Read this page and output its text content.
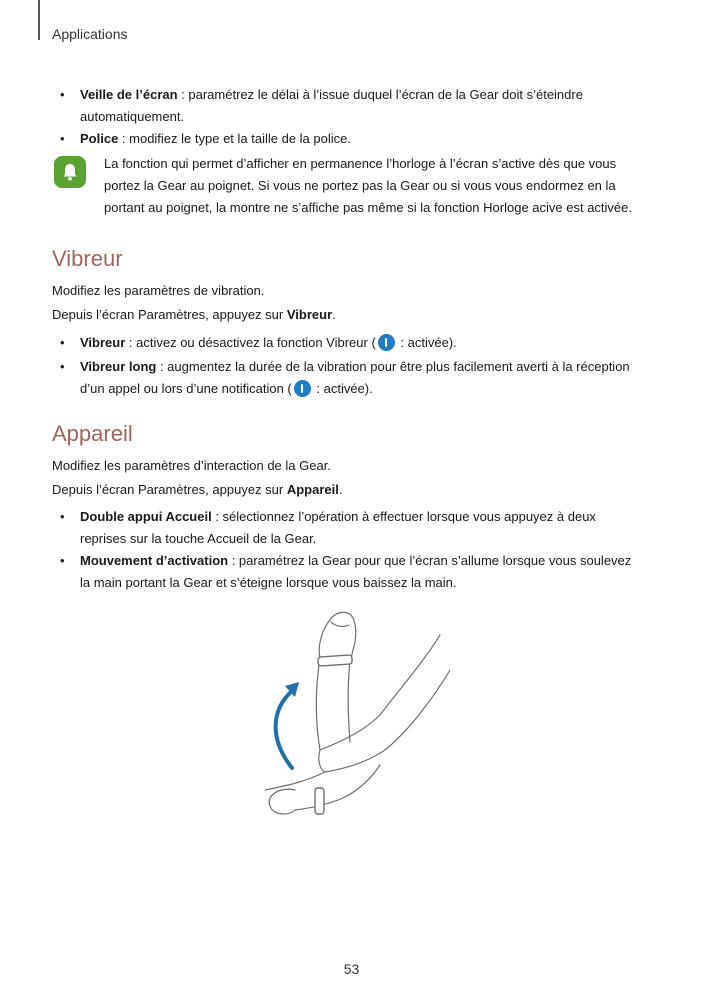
Applications
•	Veille de l’écran : paramétrez le délai à l’issue duquel l’écran de la Gear doit s’éteindre
automatiquement.
•	Police : modifiez le type et la taille de la police.
La fonction qui permet d’afficher en permanence l’horloge à l’écran s’active dès que vous
portez la Gear au poignet. Si vous ne portez pas la Gear ou si vous vous endormez en la
portant au poignet, la montre ne s’affiche pas même si la fonction Horloge acive est activée.
Vibreur
Modifiez les paramètres de vibration.
Depuis l’écran Paramètres, appuyez sur Vibreur.
•	Vibreur : activez ou désactivez la fonction Vibreur ( : activée).
•	Vibreur long : augmentez la durée de la vibration pour être plus facilement averti à la réception
d’un appel ou lors d’une notification ( : activée).
Appareil
Modifiez les paramètres d’interaction de la Gear.
Depuis l’écran Paramètres, appuyez sur Appareil.
•	Double appui Accueil : sélectionnez l’opération à effectuer lorsque vous appuyez à deux
reprises sur la touche Accueil de la Gear.
•	Mouvement d’activation : paramétrez la Gear pour que l’écran s’allume lorsque vous soulevez
la main portant la Gear et s’éteigne lorsque vous baissez la main.
53
